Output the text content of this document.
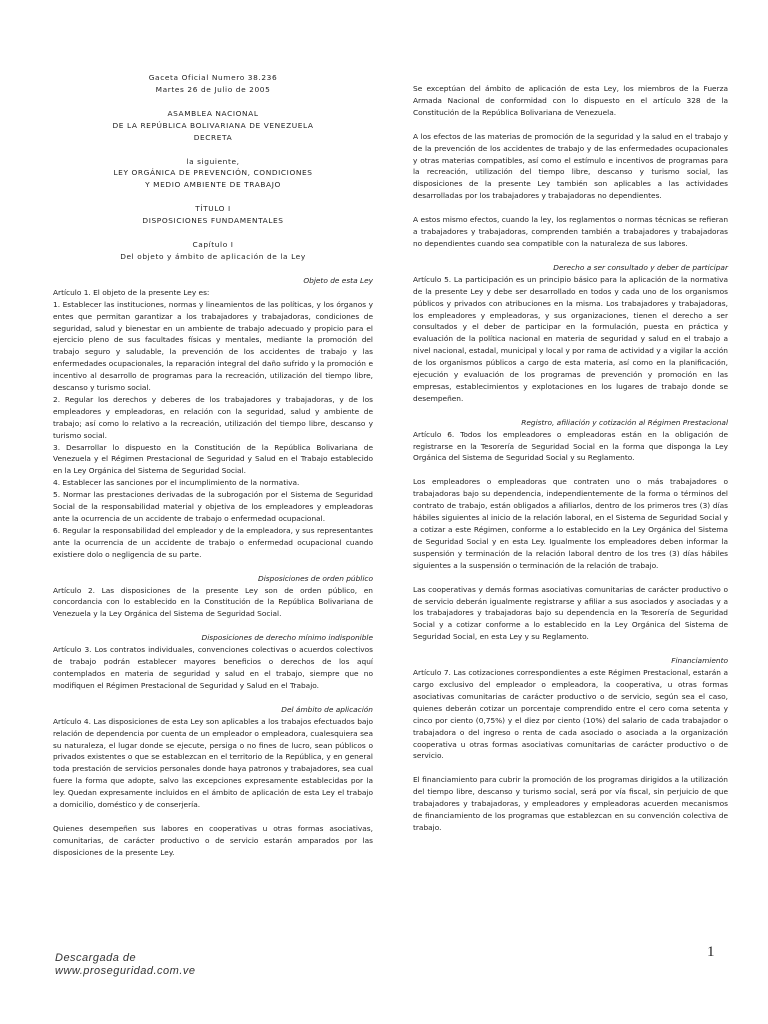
Gaceta Oficial Numero 38.236
Martes 26 de Julio de 2005
ASAMBLEA NACIONAL
DE LA REPÚBLICA BOLIVARIANA DE VENEZUELA
DECRETA
la siguiente,
LEY ORGÁNICA DE PREVENCIÓN, CONDICIONES
Y MEDIO AMBIENTE DE TRABAJO
TÍTULO I
DISPOSICIONES FUNDAMENTALES
Capítulo I
Del objeto y ámbito de aplicación de la Ley
Objeto de esta Ley

Artículo 1. El objeto de la presente Ley es:

1. Establecer las instituciones, normas y lineamientos de las políticas, y los órganos y entes que permitan garantizar a los trabajadores y trabajadoras, condiciones de seguridad, salud y bienestar en un ambiente de trabajo adecuado y propicio para el ejercicio pleno de sus facultades físicas y mentales, mediante la promoción del trabajo seguro y saludable, la prevención de los accidentes de trabajo y las enfermedades ocupacionales, la reparación integral del daño sufrido y la promoción e incentivo al desarrollo de programas para la recreación, utilización del tiempo libre, descanso y turismo social.

2. Regular los derechos y deberes de los trabajadores y trabajadoras, y de los empleadores y empleadoras, en relación con la seguridad, salud y ambiente de trabajo; así como lo relativo a la recreación, utilización del tiempo libre, descanso y turismo social.

3. Desarrollar lo dispuesto en la Constitución de la República Bolivariana de Venezuela y el Régimen Prestacional de Seguridad y Salud en el Trabajo establecido en la Ley Orgánica del Sistema de Seguridad Social.

4. Establecer las sanciones por el incumplimiento de la normativa.

5. Normar las prestaciones derivadas de la subrogación por el Sistema de Seguridad Social de la responsabilidad material y objetiva de los empleadores y empleadoras ante la ocurrencia de un accidente de trabajo o enfermedad ocupacional.

6. Regular la responsabilidad del empleador y de la empleadora, y sus representantes ante la ocurrencia de un accidente de trabajo o enfermedad ocupacional cuando existiere dolo o negligencia de su parte.

Disposiciones de orden público

Artículo 2. Las disposiciones de la presente Ley son de orden público, en concordancia con lo establecido en la Constitución de la República Bolivariana de Venezuela y la Ley Orgánica del Sistema de Seguridad Social.

Disposiciones de derecho mínimo indisponible

Artículo 3. Los contratos individuales, convenciones colectivas o acuerdos colectivos de trabajo podrán establecer mayores beneficios o derechos de los aquí contemplados en materia de seguridad y salud en el trabajo, siempre que no modifiquen el Régimen Prestacional de Seguridad y Salud en el Trabajo.

Del ámbito de aplicación

Artículo 4. Las disposiciones de esta Ley son aplicables a los trabajos efectuados bajo relación de dependencia por cuenta de un empleador o empleadora, cualesquiera sea su naturaleza, el lugar donde se ejecute, persiga o no fines de lucro, sean públicos o privados existentes o que se establezcan en el territorio de la República, y en general toda prestación de servicios personales donde haya patronos y trabajadores, sea cual fuere la forma que adopte, salvo las excepciones expresamente establecidas por la ley. Quedan expresamente incluidos en el ámbito de aplicación de esta Ley el trabajo a domicilio, doméstico y de conserjería.

Quienes desempeñen sus labores en cooperativas u otras formas asociativas, comunitarias, de carácter productivo o de servicio estarán amparados por las disposiciones de la presente Ley.

Se exceptúan del ámbito de aplicación de esta Ley, los miembros de la Fuerza Armada Nacional de conformidad con lo dispuesto en el artículo 328 de la Constitución de la República Bolivariana de Venezuela.

A los efectos de las materias de promoción de la seguridad y la salud en el trabajo y de la prevención de los accidentes de trabajo y de las enfermedades ocupacionales y otras materias compatibles, así como el estímulo e incentivos de programas para la recreación, utilización del tiempo libre, descanso y turismo social, las disposiciones de la presente Ley también son aplicables a las actividades desarrolladas por los trabajadores y trabajadoras no dependientes.

A estos mismo efectos, cuando la ley, los reglamentos o normas técnicas se refieran a trabajadores y trabajadoras, comprenden también a trabajadores y trabajadoras no dependientes cuando sea compatible con la naturaleza de sus labores.

Derecho a ser consultado y deber de participar

Artículo 5. La participación es un principio básico para la aplicación de la normativa de la presente Ley y debe ser desarrollado en todos y cada uno de los organismos públicos y privados con atribuciones en la misma. Los trabajadores y trabajadoras, los empleadores y empleadoras, y sus organizaciones, tienen el derecho a ser consultados y el deber de participar en la formulación, puesta en práctica y evaluación de la política nacional en materia de seguridad y salud en el trabajo a nivel nacional, estadal, municipal y local y por rama de actividad y a vigilar la acción de los organismos públicos a cargo de esta materia, así como en la planificación, ejecución y evaluación de los programas de prevención y promoción en las empresas, establecimientos y explotaciones en los lugares de trabajo donde se desempeñen.

Registro, afiliación y cotización al Régimen Prestacional

Artículo 6. Todos los empleadores o empleadoras están en la obligación de registrarse en la Tesorería de Seguridad Social en la forma que disponga la Ley Orgánica del Sistema de Seguridad Social y su Reglamento.

Los empleadores o empleadoras que contraten uno o más trabajadores o trabajadoras bajo su dependencia, independientemente de la forma o términos del contrato de trabajo, están obligados a afiliarlos, dentro de los primeros tres (3) días hábiles siguientes al inicio de la relación laboral, en el Sistema de Seguridad Social y a cotizar a este Régimen, conforme a lo establecido en la Ley Orgánica del Sistema de Seguridad Social y en esta Ley. Igualmente los empleadores deben informar la suspensión y terminación de la relación laboral dentro de los tres (3) días hábiles siguientes a la suspensión o terminación de la relación de trabajo.

Las cooperativas y demás formas asociativas comunitarias de carácter productivo o de servicio deberán igualmente registrarse y afiliar a sus asociados y asociadas y a los trabajadores y trabajadoras bajo su dependencia en la Tesorería de Seguridad Social y a cotizar conforme a lo establecido en la Ley Orgánica del Sistema de Seguridad Social, en esta Ley y su Reglamento.

Financiamiento

Artículo 7. Las cotizaciones correspondientes a este Régimen Prestacional, estarán a cargo exclusivo del empleador o empleadora, la cooperativa, u otras formas asociativas comunitarias de carácter productivo o de servicio, según sea el caso, quienes deberán cotizar un porcentaje comprendido entre el cero coma setenta y cinco por ciento (0,75%) y el diez por ciento (10%) del salario de cada trabajador o trabajadora o del ingreso o renta de cada asociado o asociada a la organización cooperativa u otras formas asociativas comunitarias de carácter productivo o de servicio.

El financiamiento para cubrir la promoción de los programas dirigidos a la utilización del tiempo libre, descanso y turismo social, será por vía fiscal, sin perjuicio de que trabajadores y trabajadoras, y empleadores y empleadoras acuerden mecanismos de financiamiento de los programas que establezcan en su convención colectiva de trabajo.

Descargada de
www.proseguridad.com.ve
1
